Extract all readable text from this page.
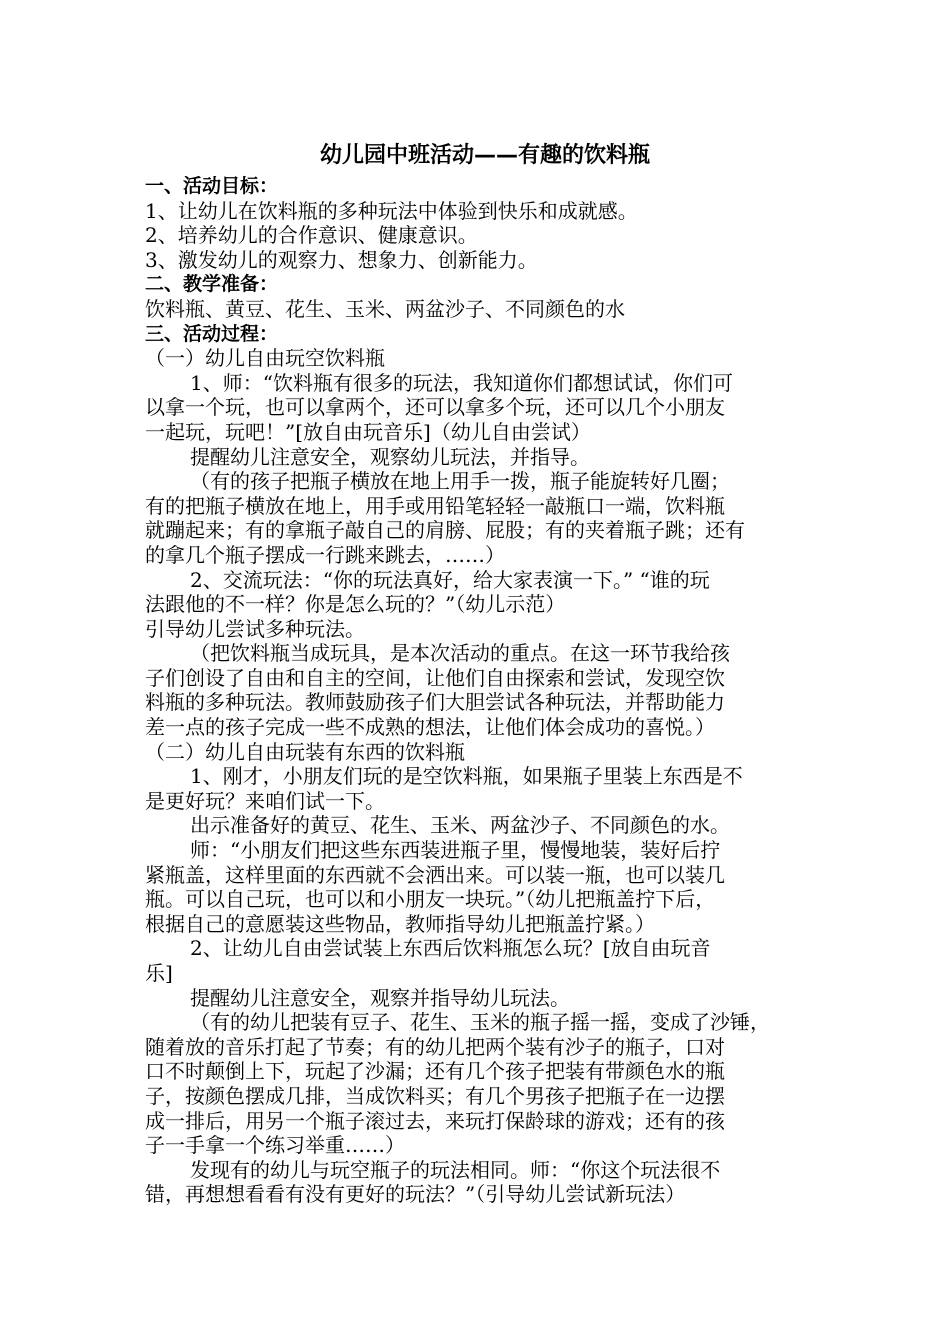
幼儿园中班活动——有趣的饮料瓶
一、活动目标：
1、让幼儿在饮料瓶的多种玩法中体验到快乐和成就感。
2、培养幼儿的合作意识、健康意识。
3、激发幼儿的观察力、想象力、创新能力。
二、教学准备：
饮料瓶、黄豆、花生、玉米、两盆沙子、不同颜色的水
三、活动过程：
（一）幼儿自由玩空饮料瓶
1、师：“饮料瓶有很多的玩法，我知道你们都想试试，你们可
以拿一个玩，也可以拿两个，还可以拿多个玩，还可以几个小朋友
一起玩，玩吧！”[放自由玩音乐]（幼儿自由尝试）
提醒幼儿注意安全，观察幼儿玩法，并指导。
（有的孩子把瓶子横放在地上用手一拨，瓶子能旋转好几圈；
有的把瓶子横放在地上，用手或用铅笔轻轻一敲瓶口一端，饮料瓶
就蹦起来；有的拿瓶子敲自己的肩膀、屁股；有的夹着瓶子跳；还有
的拿几个瓶子摆成一行跳来跳去，……）
2、交流玩法：“你的玩法真好，给大家表演一下。” “谁的玩
法跟他的不一样？你是怎么玩的？”（幼儿示范）
引导幼儿尝试多种玩法。
（把饮料瓶当成玩具，是本次活动的重点。在这一环节我给孩
子们创设了自由和自主的空间，让他们自由探索和尝试，发现空饮
料瓶的多种玩法。教师鼓励孩子们大胆尝试各种玩法，并帮助能力
差一点的孩子完成一些不成熟的想法，让他们体会成功的喜悦。）
（二）幼儿自由玩装有东西的饮料瓶
1、刚才，小朋友们玩的是空饮料瓶，如果瓶子里装上东西是不
是更好玩？来咱们试一下。
出示准备好的黄豆、花生、玉米、两盆沙子、不同颜色的水。
师：“小朋友们把这些东西装进瓶子里，慢慢地装，装好后拧
紧瓶盖，这样里面的东西就不会洒出来。可以装一瓶，也可以装几
瓶。可以自己玩，也可以和小朋友一块玩。”（幼儿把瓶盖拧下后，
根据自己的意愿装这些物品，教师指导幼儿把瓶盖拧紧。）
2、让幼儿自由尝试装上东西后饮料瓶怎么玩？[放自由玩音
乐]
提醒幼儿注意安全，观察并指导幼儿玩法。
（有的幼儿把装有豆子、花生、玉米的瓶子摇一摇，变成了沙锤，
随着放的音乐打起了节奏；有的幼儿把两个装有沙子的瓶子，口对
口不时颠倒上下，玩起了沙漏；还有几个孩子把装有带颜色水的瓶
子，按颜色摆成几排，当成饮料买；有几个男孩子把瓶子在一边摆
成一排后，用另一个瓶子滚过去，来玩打保龄球的游戏；还有的孩
子一手拿一个练习举重……）
发现有的幼儿与玩空瓶子的玩法相同。师：“你这个玩法很不
错，再想想看看有没有更好的玩法？”（引导幼儿尝试新玩法）
